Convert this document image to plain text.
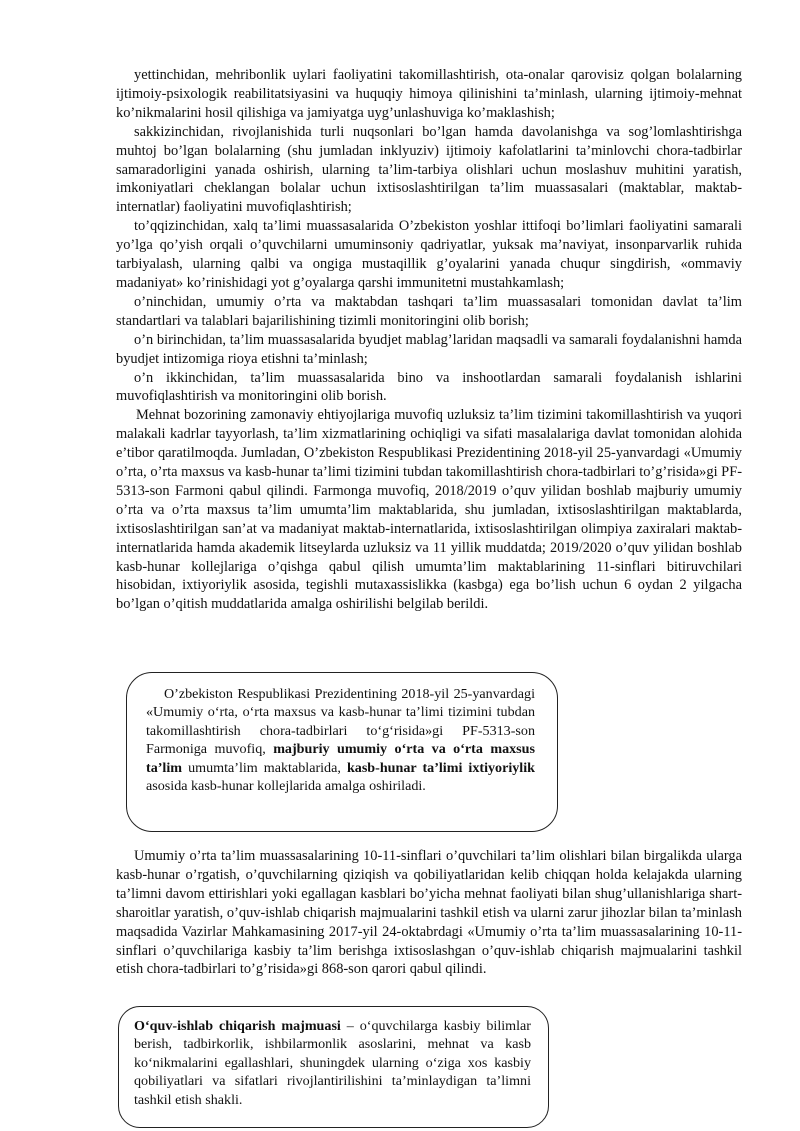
yettinchidan, mehribonlik uylari faoliyatini takomillashtirish, ota-onalar qarovisiz qolgan bolalarning ijtimoiy-psixologik reabilitatsiyasini va huquqiy himoya qilinishini ta’minlash, ularning ijtimoiy-mehnat ko’nikmalarini hosil qilishiga va jamiyatga uyg’unlashuviga ko’maklashish;

sakkizinchidan, rivojlanishida turli nuqsonlari bo’lgan hamda davolanishga va sog’lomlashtirishga muhtoj bo’lgan bolalarning (shu jumladan inklyuziv) ijtimoiy kafolatlarini ta’minlovchi chora-tadbirlar samaradorligini yanada oshirish, ularning ta’lim-tarbiya olishlari uchun moslashuv muhitini yaratish, imkoniyatlari cheklangan bolalar uchun ixtisoslashtirilgan ta’lim muassasalari (maktablar, maktab-internatlar) faoliyatini muvofiqlashtirish;

to’qqizinchidan, xalq ta’limi muassasalarida O’zbekiston yoshlar ittifoqi bo’limlari faoliyatini samarali yo’lga qo’yish orqali o’quvchilarni umuminsoniy qadriyatlar, yuksak ma’naviyat, insonparvarlik ruhida tarbiyalash, ularning qalbi va ongiga mustaqillik g’oyalarini yanada chuqur singdirish, «ommaviy madaniyat» ko’rinishidagi yot g’oyalarga qarshi immunitetni mustahkamlash;

o’ninchidan, umumiy o’rta va maktabdan tashqari ta’lim muassasalari tomonidan davlat ta’lim standartlari va talablari bajarilishining tizimli monitoringini olib borish;

o’n birinchidan, ta’lim muassasalarida byudjet mablag’laridan maqsadli va samarali foydalanishni hamda byudjet intizomiga rioya etishni ta’minlash;

o’n ikkinchidan, ta’lim muassasalarida bino va inshootlardan samarali foydalanish ishlarini muvofiqlashtirish va monitoringini olib borish.

Mehnat bozorining zamonaviy ehtiyojlariga muvofiq uzluksiz ta’lim tizimini takomillashtirish va yuqori malakali kadrlar tayyorlash, ta’lim xizmatlarining ochiqligi va sifati masalalariga davlat tomonidan alohida e’tibor qaratilmoqda. Jumladan, O’zbekiston Respublikasi Prezidentining 2018-yil 25-yanvardagi «Umumiy o’rta, o’rta maxsus va kasb-hunar ta’limi tizimini tubdan takomillashtirish chora-tadbirlari to’g’risida»gi PF-5313-son Farmoni qabul qilindi. Farmonga muvofiq, 2018/2019 o’quv yilidan boshlab majburiy umumiy o’rta va o’rta maxsus ta’lim umumta’lim maktablarida, shu jumladan, ixtisoslashtirilgan maktablarda, ixtisoslashtirilgan san’at va madaniyat maktab-internatlarida, ixtisoslashtirilgan olimpiya zaxiralari maktab-internatlarida hamda akademik litseylarda uzluksiz va 11 yillik muddatda; 2019/2020 o’quv yilidan boshlab kasb-hunar kollejlariga o’qishga qabul qilish umumta’lim maktablarining 11-sinflari bitiruvchilari hisobidan, ixtiyoriylik asosida, tegishli mutaxassislikka (kasbga) ega bo’lish uchun 6 oydan 2 yilgacha bo’lgan o’qitish muddatlarida amalga oshirilishi belgilab berildi.

O’zbekiston Respublikasi Prezidentining 2018-yil 25-yanvardagi «Umumiy o‘rta, o‘rta maxsus va kasb-hunar ta’limi tizimini tubdan takomillashtirish chora-tadbirlari to‘g‘risida»gi PF-5313-son Farmoniga muvofiq, majburiy umumiy o‘rta va o‘rta maxsus ta’lim umumta’lim maktablarida, kasb-hunar ta’limi ixtiyoriylik asosida kasb-hunar kollejlarida amalga oshiriladi.

Umumiy o’rta ta’lim muassasalarining 10-11-sinflari o’quvchilari ta’lim olishlari bilan birgalikda ularga kasb-hunar o’rgatish, o’quvchilarning qiziqish va qobiliyatlaridan kelib chiqqan holda kelajakda ularning ta’limni davom ettirishlari yoki egallagan kasblari bo’yicha mehnat faoliyati bilan shug’ullanishlariga shart-sharoitlar yaratish, o’quv-ishlab chiqarish majmualarini tashkil etish va ularni zarur jihozlar bilan ta’minlash maqsadida Vazirlar Mahkamasining 2017-yil 24-oktabrdagi «Umumiy o’rta ta’lim muassasalarining 10-11-sinflari o’quvchilariga kasbiy ta’lim berishga ixtisoslashgan o’quv-ishlab chiqarish majmualarini tashkil etish chora-tadbirlari to’g’risida»gi 868-son qarori qabul qilindi.

O‘quv-ishlab chiqarish majmuasi – o‘quvchilarga kasbiy bilimlar berish, tadbirkorlik, ishbilarmonlik asoslarini, mehnat va kasb ko‘nikmalarini egallashlari, shuningdek ularning o‘ziga xos kasbiy qobiliyatlari va sifatlari rivojlantirilishini ta’minlaydigan ta’limni tashkil etish shakli.
